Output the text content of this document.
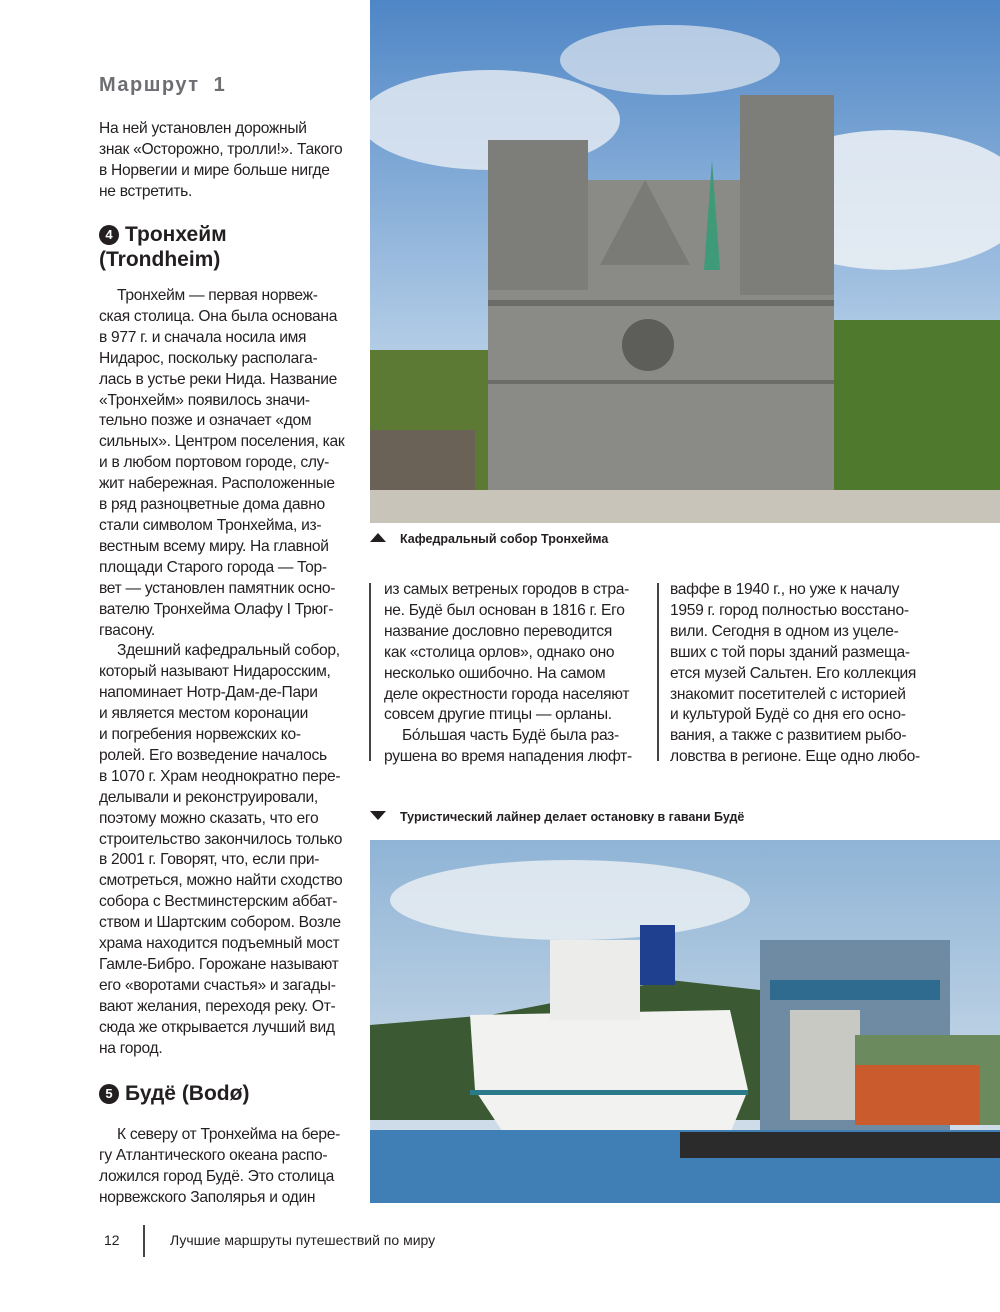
Маршрут  1
На ней установлен дорожный
знак «Осторожно, тролли!». Такого
в Норвегии и мире больше нигде
не встретить.
4 Тронхейм
(Trondheim)
Тронхейм — первая норвеж-
ская столица. Она была основана
в 977 г. и сначала носила имя
Нидарос, поскольку располага-
лась в устье реки Нида. Название
«Тронхейм» появилось значи-
тельно позже и означает «дом
сильных». Центром поселения, как
и в любом портовом городе, слу-
жит набережная. Расположенные
в ряд разноцветные дома давно
стали символом Тронхейма, из-
вестным всему миру. На главной
площади Старого города — Тор-
вет — установлен памятник осно-
вателю Тронхейма Олафу I Трюг-
гвасону.
Здешний кафедральный собор,
который называют Нидаросским,
напоминает Нотр-Дам-де-Пари
и является местом коронации
и погребения норвежских ко-
ролей. Его возведение началось
в 1070 г. Храм неоднократно пере-
делывали и реконструировали,
поэтому можно сказать, что его
строительство закончилось только
в 2001 г. Говорят, что, если при-
смотреться, можно найти сходство
собора с Вестминстерским аббат-
ством и Шартским собором. Возле
храма находится подъемный мост
Гамле-Бибро. Горожане называют
его «воротами счастья» и загады-
вают желания, переходя реку. От-
сюда же открывается лучший вид
на город.
5 Будё (Bodø)
К северу от Тронхейма на бере-
гу Атлантического океана распо-
ложился город Будё. Это столица
норвежского Заполярья и один
Кафедральный собор Тронхейма
из самых ветреных городов в стра-
не. Будё был основан в 1816 г. Его
название дословно переводится
как «столица орлов», однако оно
несколько ошибочно. На самом
деле окрестности города населяют
совсем другие птицы — орланы.
Бо́льшая часть Будё была раз-
рушена во время нападения люфт-
ваффе в 1940 г., но уже к началу
1959 г. город полностью восстано-
вили. Сегодня в одном из уцеле-
вших с той поры зданий размеща-
ется музей Сальтен. Его коллекция
знакомит посетителей с историей
и культурой Будё со дня его осно-
вания, а также с развитием рыбо-
ловства в регионе. Еще одно любо-
Туристический лайнер делает остановку в гавани Будё
12	Лучшие маршруты путешествий по миру
